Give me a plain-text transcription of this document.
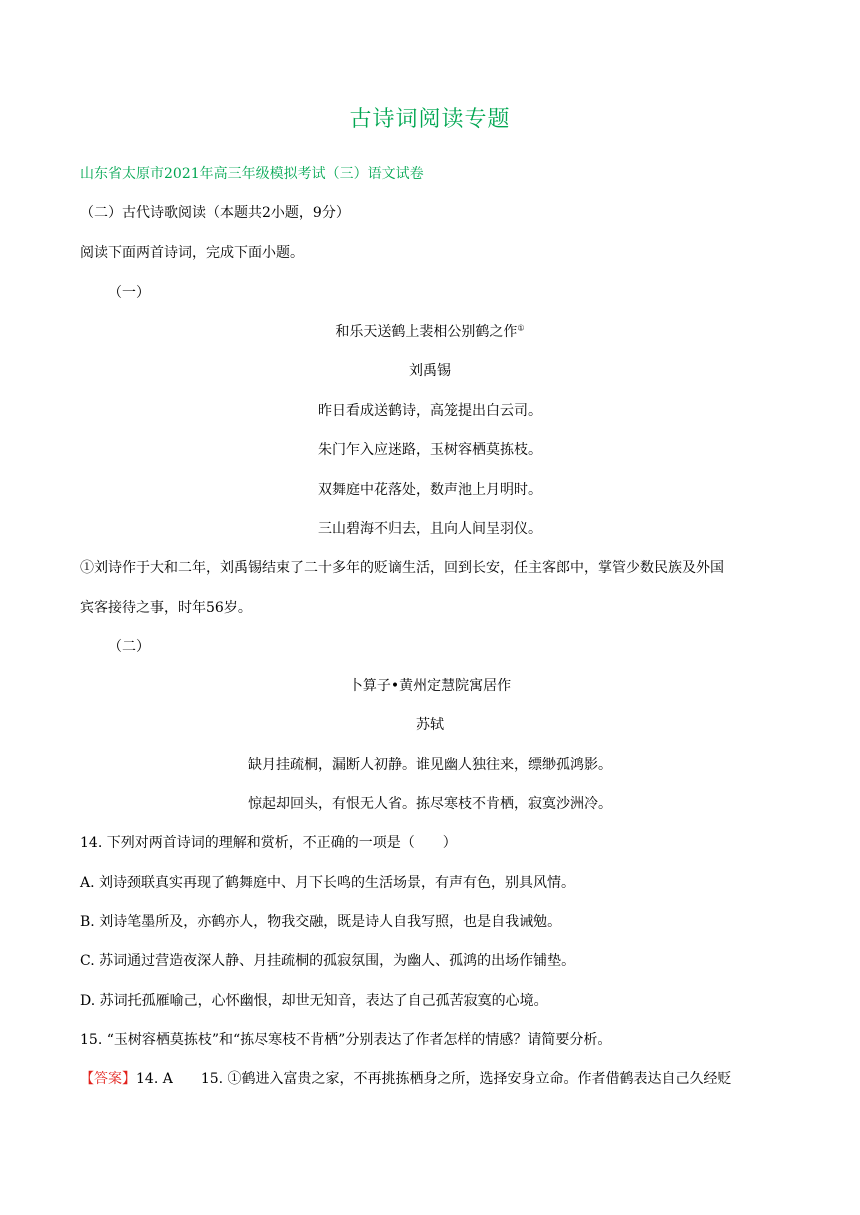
古诗词阅读专题
山东省太原市2021年高三年级模拟考试（三）语文试卷
（二）古代诗歌阅读（本题共2小题，9分）
阅读下面两首诗词，完成下面小题。
（一）
和乐天送鹤上裴相公别鹤之作①
刘禹锡
昨日看成送鹤诗，高笼提出白云司。
朱门乍入应迷路，玉树容栖莫拣枝。
双舞庭中花落处，数声池上月明时。
三山碧海不归去，且向人间呈羽仪。
①刘诗作于大和二年，刘禹锡结束了二十多年的贬谪生活，回到长安，任主客郎中，掌管少数民族及外国
宾客接待之事，时年56岁。
（二）
卜算子•黄州定慧院寓居作
苏轼
缺月挂疏桐，漏断人初静。谁见幽人独往来，缥缈孤鸿影。
惊起却回头，有恨无人省。拣尽寒枝不肯栖，寂寞沙洲冷。
14. 下列对两首诗词的理解和赏析，不正确的一项是（　　）
A. 刘诗颈联真实再现了鹤舞庭中、月下长鸣的生活场景，有声有色，别具风情。
B. 刘诗笔墨所及，亦鹤亦人，物我交融，既是诗人自我写照，也是自我诫勉。
C. 苏词通过营造夜深人静、月挂疏桐的孤寂氛围，为幽人、孤鸿的出场作铺垫。
D. 苏词托孤雁喻己，心怀幽恨，却世无知音，表达了自己孤苦寂寞的心境。
15. “玉树容栖莫拣枝”和“拣尽寒枝不肯栖”分别表达了作者怎样的情感？请简要分析。
【答案】14. A　　15. ①鹤进入富贵之家，不再挑拣栖身之所，选择安身立命。作者借鹤表达自己久经贬
